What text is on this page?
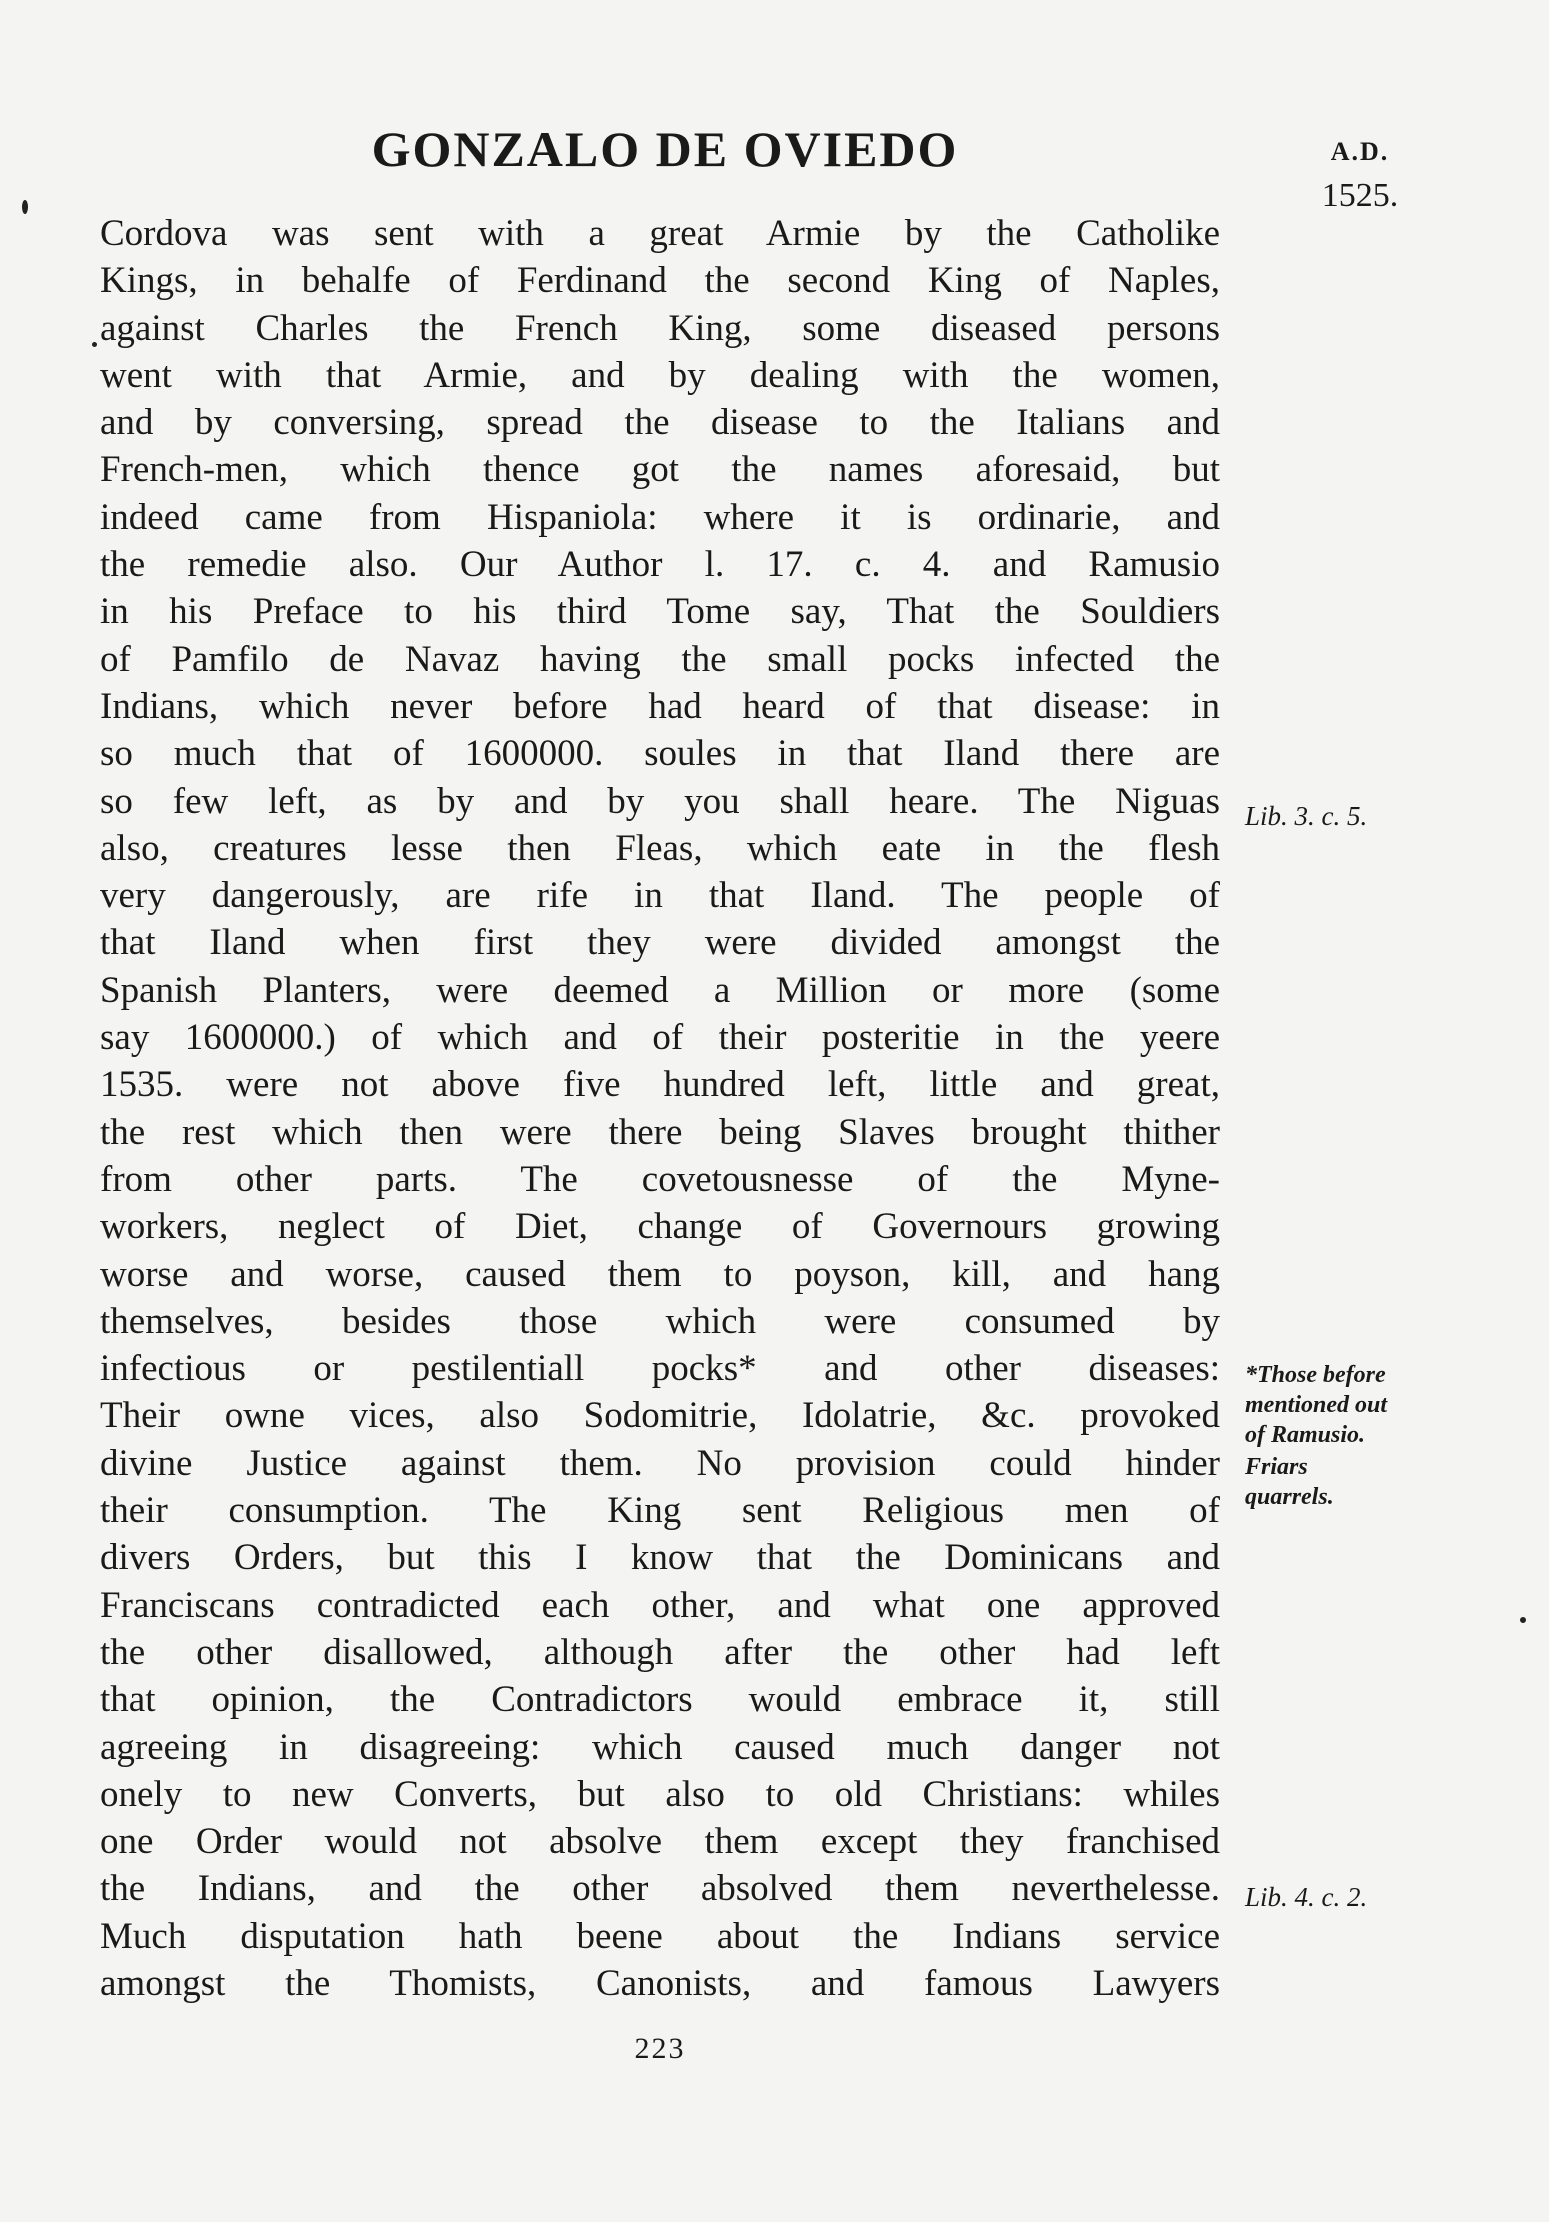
GONZALO DE OVIEDO	A.D.
1525.
Cordova was sent with a great Armie by the Catholike
Kings, in behalfe of Ferdinand the second King of Naples,
against Charles the French King, some diseased persons
went with that Armie, and by dealing with the women,
and by conversing, spread the disease to the Italians and
French-men, which thence got the names aforesaid, but
indeed came from Hispaniola: where it is ordinarie, and
the remedie also. Our Author l. 17. c. 4. and Ramusio
in his Preface to his third Tome say, That the Souldiers
of Pamfilo de Navaz having the small pocks infected the
Indians, which never before had heard of that disease: in
so much that of 1600000. soules in that Iland there are
so few left, as by and by you shall heare. The Niguas
also, creatures lesse then Fleas, which eate in the flesh
very dangerously, are rife in that Iland. The people of
that Iland when first they were divided amongst the
Spanish Planters, were deemed a Million or more (some
say 1600000.) of which and of their posteritie in the yeere
1535. were not above five hundred left, little and great,
the rest which then were there being Slaves brought thither
from other parts. The covetousnesse of the Myne-
workers, neglect of Diet, change of Governours growing
worse and worse, caused them to poyson, kill, and hang
themselves, besides those which were consumed by
infectious or pestilentiall pocks* and other diseases:
Their owne vices, also Sodomitrie, Idolatrie, &c. provoked
divine Justice against them. No provision could hinder
their consumption. The King sent Religious men of
divers Orders, but this I know that the Dominicans and
Franciscans contradicted each other, and what one approved
the other disallowed, although after the other had left
that opinion, the Contradictors would embrace it, still
agreeing in disagreeing: which caused much danger not
onely to new Converts, but also to old Christians: whiles
one Order would not absolve them except they franchised
the Indians, and the other absolved them neverthelesse.
Much disputation hath beene about the Indians service
amongst the Thomists, Canonists, and famous Lawyers
Lib. 3. c. 5.
*Those before
mentioned out
of Ramusio.
Friars
quarrels.
Lib. 4. c. 2.
223
